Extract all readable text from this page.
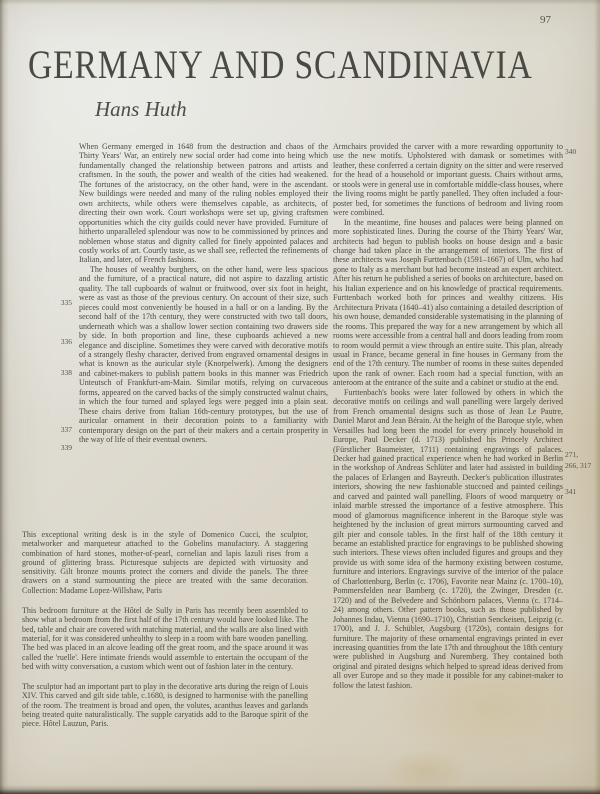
97
GERMANY AND SCANDINAVIA
Hans Huth

When Germany emerged in 1648 from the destruction and chaos of the Thirty Years' War, an entirely new social order had come into being which fundamentally changed the relationship between patrons and artists and craftsmen. In the south, the power and wealth of the cities had weakened. The fortunes of the aristocracy, on the other hand, were in the ascendant. New buildings were needed and many of the ruling nobles employed their own architects, while others were themselves capable, as architects, of directing their own work. Court workshops were set up, giving craftsmen opportunities which the city guilds could never have provided. Furniture of hitherto unparalleled splendour was now to be commissioned by princes and noblemen whose status and dignity called for finely appointed palaces and costly works of art. Courtly taste, as we shall see, reflected the refinements of Italian, and later, of French fashions.

The houses of wealthy burghers, on the other hand, were less spacious and the furniture, of a practical nature, did not aspire to dazzling artistic quality. The tall cupboards of walnut or fruitwood, over six foot in height, were as vast as those of the previous century. On account of their size, such pieces could most conveniently be housed in a hall or on a landing. By the second half of the 17th century, they were constructed with two tall doors, underneath which was a shallow lower section containing two drawers side by side. In both proportion and line, these cupboards achieved a new elegance and discipline. Sometimes they were carved with decorative motifs of a strangely fleshy character, derived from engraved ornamental designs in what is known as the auricular style (Knorpelwerk). Among the designers and cabinet-makers to publish pattern books in this manner was Friedrich Unteutsch of Frankfurt-am-Main. Similar motifs, relying on curvaceous forms, appeared on the carved backs of the simply constructed walnut chairs, in which the four turned and splayed legs were pegged into a plain seat. These chairs derive from Italian 16th-century prototypes, but the use of auricular ornament in their decoration points to a familiarity with contemporary design on the part of their makers and a certain prosperity in the way of life of their eventual owners.

Armchairs provided the carver with a more rewarding opportunity to use the new motifs. Upholstered with damask or sometimes with leather, these conferred a certain dignity on the sitter and were reserved for the head of a household or important guests. Chairs without arms, or stools were in general use in comfortable middle-class houses, where the living rooms might be partly panelled. They often included a four-poster bed, for sometimes the functions of bedroom and living room were combined.

In the meantime, fine houses and palaces were being planned on more sophisticated lines. During the course of the Thirty Years' War, architects had begun to publish books on house design and a basic change had taken place in the arrangement of interiors. The first of these architects was Joseph Furttenbach (1591–1667) of Ulm, who had gone to Italy as a merchant but had become instead an expert architect. After his return he published a series of books on architecture, based on his Italian experience and on his knowledge of practical requirements. Furttenbach worked both for princes and wealthy citizens. His Architectura Privata (1640–41) also containing a detailed description of his own house, demanded considerable systematising in the planning of the rooms. This prepared the way for a new arrangement by which all rooms were accessible from a central hall and doors leading from room to room would permit a view through an entire suite. This plan, already usual in France, became general in fine houses in Germany from the end of the 17th century. The number of rooms in these suites depended upon the rank of owner. Each room had a special function, with an anteroom at the entrance of the suite and a cabinet or studio at the end.

Furttenbach's books were later followed by others in which the decorative motifs on ceilings and wall panelling were largely derived from French ornamental designs such as those of Jean Le Pautre, Daniel Marot and Jean Bérain. At the height of the Baroque style, when Versailles had long been the model for every princely household in Europe, Paul Decker (d. 1713) published his Princely Architect (Fürstlicher Baumeister, 1711) containing engravings of palaces. Decker had gained practical experience when he had worked in Berlin in the workshop of Andreas Schlüter and later had assisted in building the palaces of Erlangen and Bayreuth. Decker's publication illustrates interiors, showing the new fashionable stuccoed and painted ceilings and carved and painted wall panelling. Floors of wood marquetry or inlaid marble stressed the importance of a festive atmosphere. This mood of glamorous magnificence inherent in the Baroque style was heightened by the inclusion of great mirrors surmounting carved and gilt pier and console tables. In the first half of the 18th century it became an established practice for engravings to be published showing such interiors. These views often included figures and groups and they provide us with some idea of the harmony existing between costume, furniture and interiors. Engravings survive of the interior of the palace of Charlottenburg, Berlin (c. 1706), Favorite near Mainz (c. 1700–10), Pommersfelden near Bamberg (c. 1720), the Zwinger, Dresden (c. 1720) and of the Belvedere and Schönborn palaces, Vienna (c. 1714–24) among others. Other pattern books, such as those published by Johannes Indau, Vienna (1690–1710), Christian Senckeisen, Leipzig (c. 1700), and J. J. Schübler, Augsburg (1720s), contain designs for furniture. The majority of these ornamental engravings printed in ever increasing quantities from the late 17th and throughout the 18th century were published in Augsburg and Nuremberg. They contained both original and pirated designs which helped to spread ideas derived from all over Europe and so they made it possible for any cabinet-maker to follow the latest fashion.

This exceptional writing desk is in the style of Domenico Cucci, the sculptor, metalworker and marqueteur attached to the Gobelins manufactory. A staggering combination of hard stones, mother-of-pearl, cornelian and lapis lazuli rises from a ground of glittering brass. Picturesque subjects are depicted with virtuosity and sensitivity. Gilt bronze mounts protect the corners and divide the panels. The three drawers on a stand surmounting the piece are treated with the same decoration. Collection: Madame Lopez-Willshaw, Paris

This bedroom furniture at the Hôtel de Sully in Paris has recently been assembled to show what a bedroom from the first half of the 17th century would have looked like. The bed, table and chair are covered with matching material, and the walls are also lined with material, for it was considered unhealthy to sleep in a room with bare wooden panelling. The bed was placed in an alcove leading off the great room, and the space around it was called the 'ruelle'. Here intimate friends would assemble to entertain the occupant of the bed with witty conversation, a custom which went out of fashion later in the century.

The sculptor had an important part to play in the decorative arts during the reign of Louis XIV. This carved and gilt side table, c.1680, is designed to harmonise with the panelling of the room. The treatment is broad and open, the volutes, acanthus leaves and garlands being treated quite naturalistically. The supple caryatids add to the Baroque spirit of the piece. Hôtel Lauzun, Paris.

335
336
338
337
339
340
271,
266, 317
341
